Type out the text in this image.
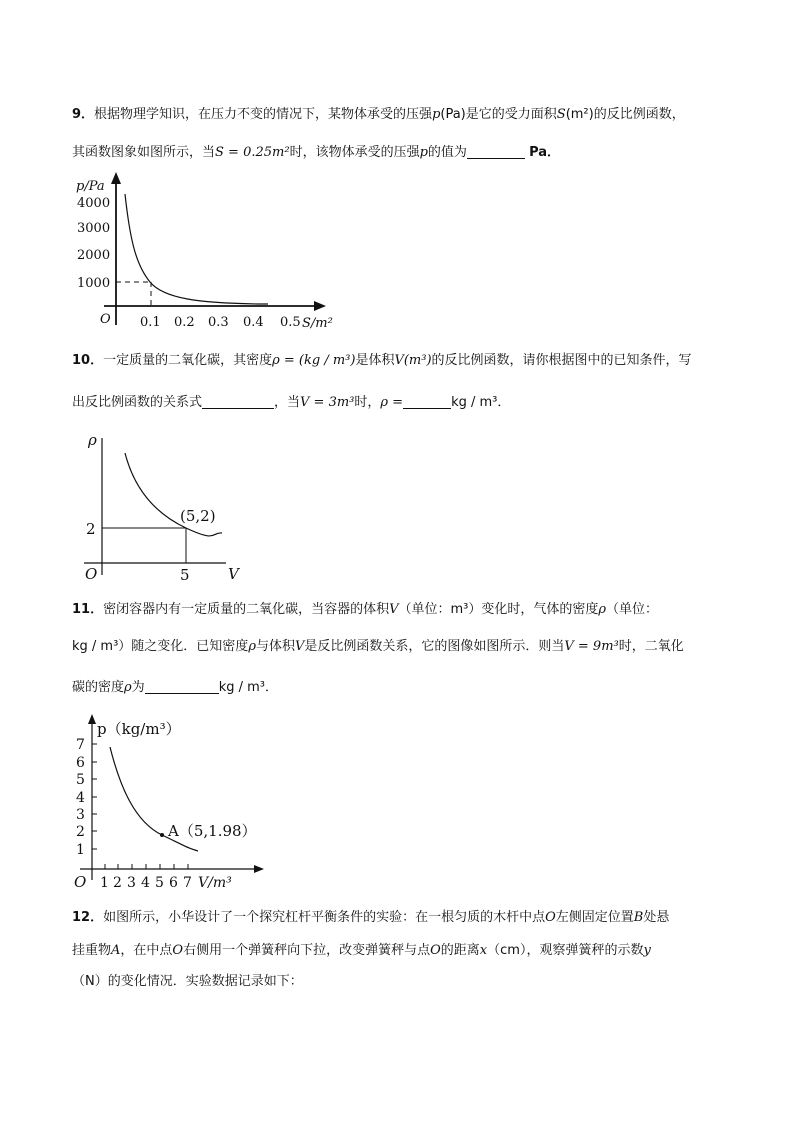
9．根据物理学知识，在压力不变的情况下，某物体承受的压强p(Pa)是它的受力面积S(m²)的反比例函数，
其函数图象如图所示，当S = 0.25m²时，该物体承受的压强p的值为	Pa．
p/Pa
S/m²
O
4000
3000
2000
1000
0.1 0.2 0.3 0.4 0.5
10．一定质量的二氧化碳，其密度ρ = (kg / m³)是体积V(m³)的反比例函数，请你根据图中的已知条件，写
出反比例函数的关系式	，当V = 3m³时，ρ =	kg / m³．
ρ
V
O
2
5
(5,2)
11．密闭容器内有一定质量的二氧化碳，当容器的体积V（单位：m³）变化时，气体的密度ρ（单位：
kg / m³）随之变化．已知密度ρ与体积V是反比例函数关系，它的图像如图所示．则当V = 9m³时，二氧化
碳的密度ρ为	kg / m³．
p（kg/m³）
V/m³
O
7
6
5
4
3
2
1
1 2 3 4 5 6 7
A（5,1.98）
12．如图所示，小华设计了一个探究杠杆平衡条件的实验：在一根匀质的木杆中点O左侧固定位置B处悬
挂重物A，在中点O右侧用一个弹簧秤向下拉，改变弹簧秤与点O的距离x（cm），观察弹簧秤的示数y
（N）的变化情况．实验数据记录如下：
